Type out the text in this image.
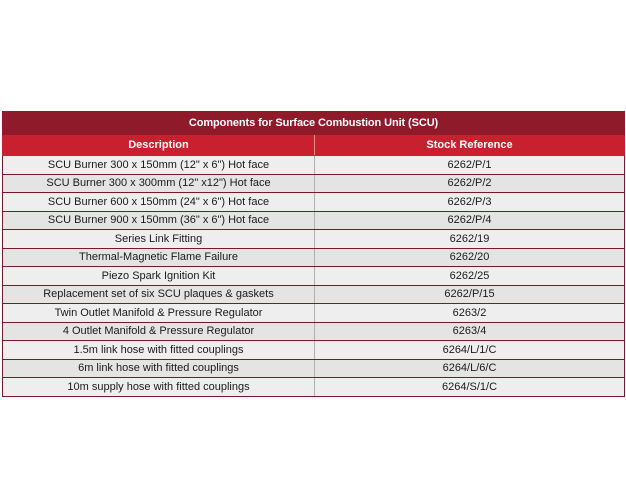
Components for Surface Combustion Unit (SCU)	
Description	Stock Reference
SCU Burner 300 x 150mm (12" x 6") Hot face	6262/P/1
SCU Burner 300 x 300mm (12" x12") Hot face	6262/P/2
SCU Burner 600 x 150mm (24" x 6") Hot face	6262/P/3
SCU Burner 900 x 150mm (36" x 6") Hot face	6262/P/4
Series Link Fitting	6262/19
Thermal-Magnetic Flame Failure	6262/20
Piezo Spark Ignition Kit	6262/25
Replacement set of six SCU plaques & gaskets	6262/P/15
Twin Outlet Manifold & Pressure Regulator	6263/2
4 Outlet Manifold & Pressure Regulator	6263/4
1.5m link hose with fitted couplings	6264/L/1/C
6m link hose with fitted couplings	6264/L/6/C
10m supply hose with fitted couplings	6264/S/1/C
